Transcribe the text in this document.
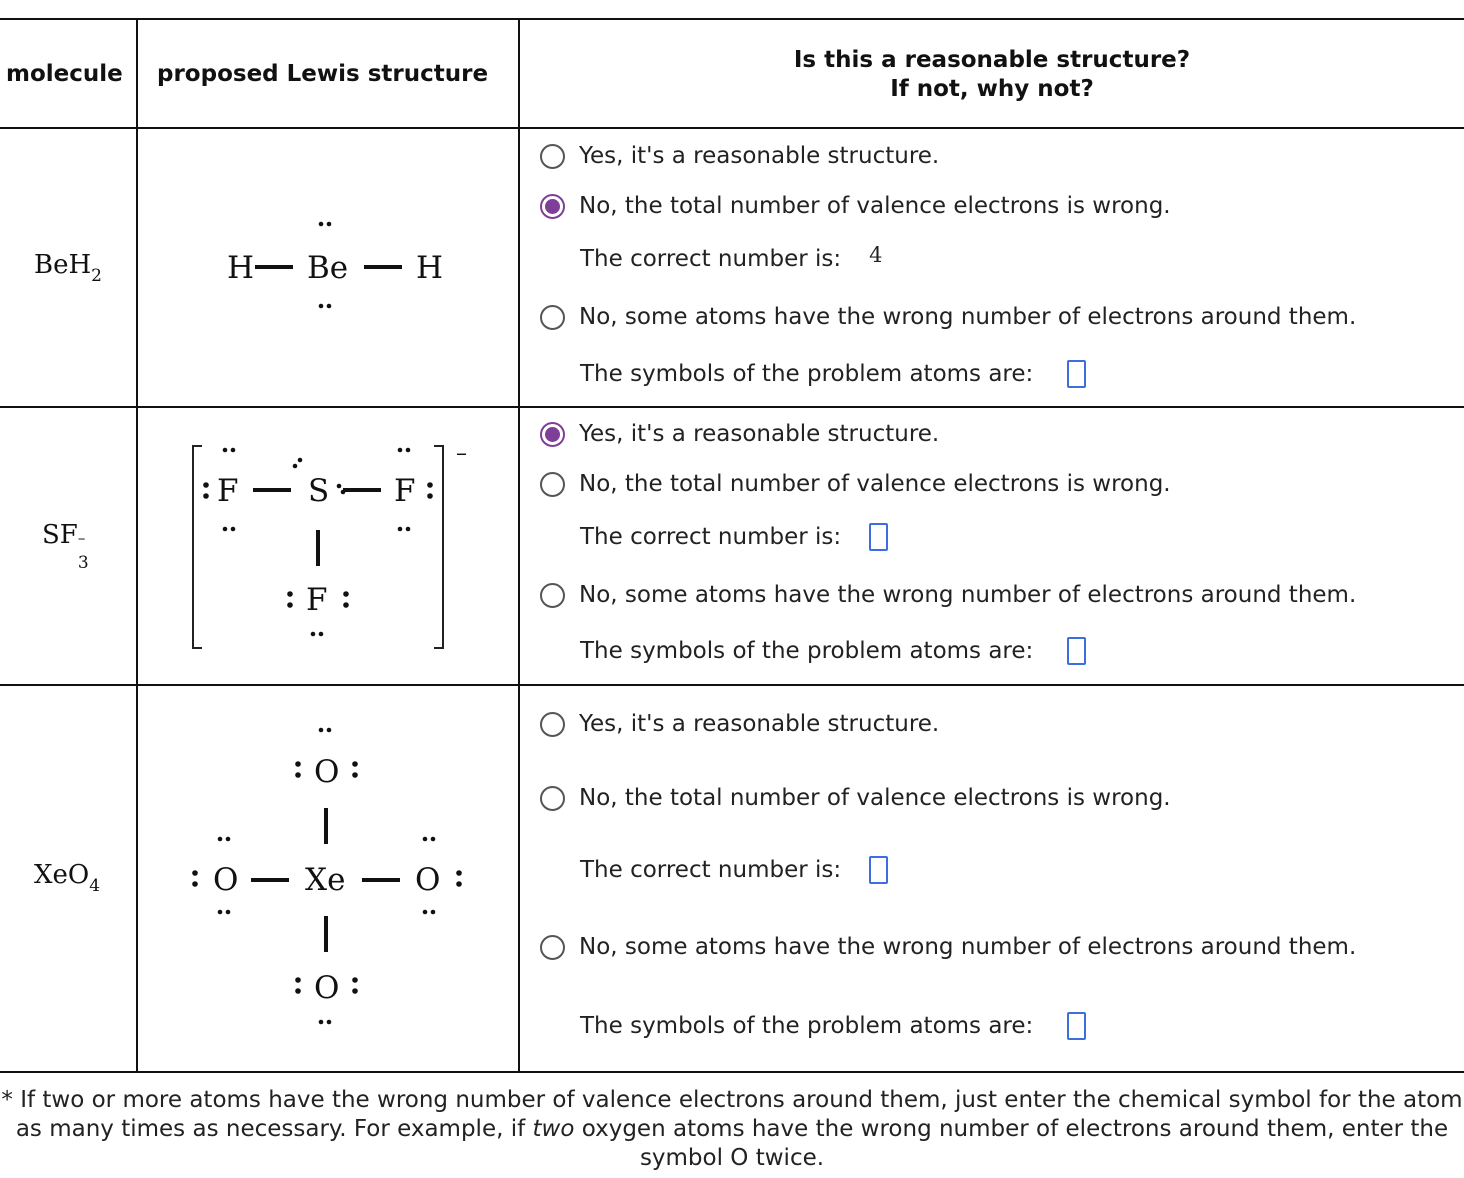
molecule proposed Lewis structure
Is this a reasonable structure?
If not, why not?
BeH$_2$	H Be H
Yes, it's a reasonable structure.
No, the total number of valence electrons is wrong.
The correct number is: 4
No, some atoms have the wrong number of electrons around them.
The symbols of the problem atoms are:
SF –
3
–
F S F
F
Yes, it's a reasonable structure.
No, the total number of valence electrons is wrong.
The correct number is:
No, some atoms have the wrong number of electrons around them.
The symbols of the problem atoms are:
XeO$_4$
O
O Xe O
O
Yes, it's a reasonable structure.
No, the total number of valence electrons is wrong.
The correct number is:
No, some atoms have the wrong number of electrons around them.
The symbols of the problem atoms are:
* If two or more atoms have the wrong number of valence electrons around them, just enter the chemical symbol for the atom as many times as necessary. For example, if two oxygen atoms have the wrong number of electrons around them, enter the symbol O twice.
